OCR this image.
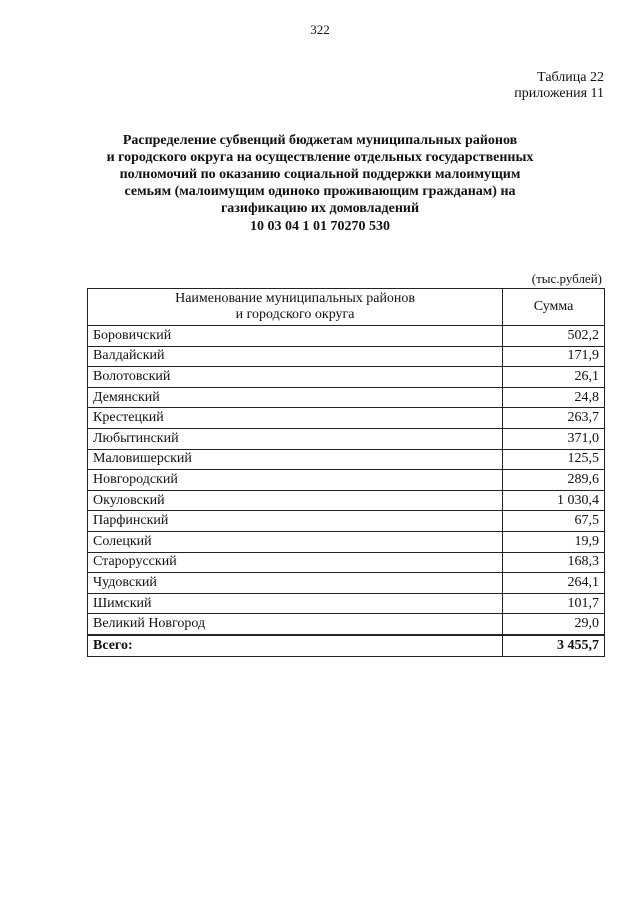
322
Таблица 22
приложения 11
Распределение субвенций бюджетам муниципальных районов
и городского округа на осуществление отдельных государственных
полномочий по оказанию социальной поддержки малоимущим
семьям (малоимущим одиноко проживающим гражданам) на
газификацию их домовладений
10 03 04 1 01 70270 530
(тыс.рублей)
Наименование муниципальных районов
и городского округа	Сумма
Боровичский	502,2
Валдайский	171,9
Волотовский	26,1
Демянский	24,8
Крестецкий	263,7
Любытинский	371,0
Маловишерский	125,5
Новгородский	289,6
Окуловский	1 030,4
Парфинский	67,5
Солецкий	19,9
Старорусский	168,3
Чудовский	264,1
Шимский	101,7
Великий Новгород	29,0
Всего:	3 455,7
